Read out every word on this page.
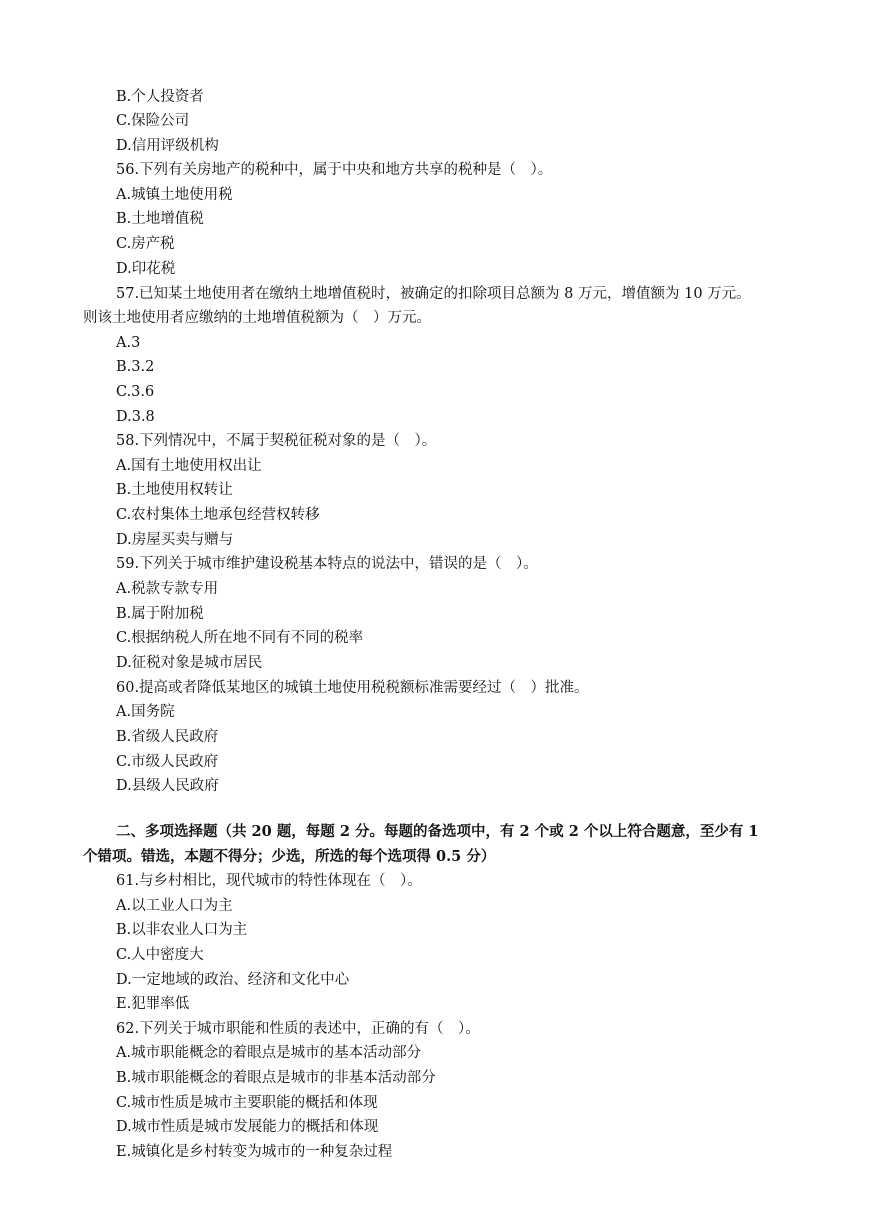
B.个人投资者
C.保险公司
D.信用评级机构
56.下列有关房地产的税种中，属于中央和地方共享的税种是（　）。
A.城镇土地使用税
B.土地增值税
C.房产税
D.印花税
57.已知某土地使用者在缴纳土地增值税时，被确定的扣除项目总额为 8 万元，增值额为 10 万元。
则该土地使用者应缴纳的土地增值税额为（　）万元。
A.3
B.3.2
C.3.6
D.3.8
58.下列情况中，不属于契税征税对象的是（　）。
A.国有土地使用权出让
B.土地使用权转让
C.农村集体土地承包经营权转移
D.房屋买卖与赠与
59.下列关于城市维护建设税基本特点的说法中，错误的是（　）。
A.税款专款专用
B.属于附加税
C.根据纳税人所在地不同有不同的税率
D.征税对象是城市居民
60.提高或者降低某地区的城镇土地使用税税额标准需要经过（　）批准。
A.国务院
B.省级人民政府
C.市级人民政府
D.县级人民政府
二、多项选择题（共 20 题，每题 2 分。每题的备选项中，有 2 个或 2 个以上符合题意，至少有 1
个错项。错选，本题不得分；少选，所选的每个选项得 0.5 分）
61.与乡村相比，现代城市的特性体现在（　）。
A.以工业人口为主
B.以非农业人口为主
C.人中密度大
D.一定地域的政治、经济和文化中心
E.犯罪率低
62.下列关于城市职能和性质的表述中，正确的有（　）。
A.城市职能概念的着眼点是城市的基本活动部分
B.城市职能概念的着眼点是城市的非基本活动部分
C.城市性质是城市主要职能的概括和体现
D.城市性质是城市发展能力的概括和体现
E.城镇化是乡村转变为城市的一种复杂过程
